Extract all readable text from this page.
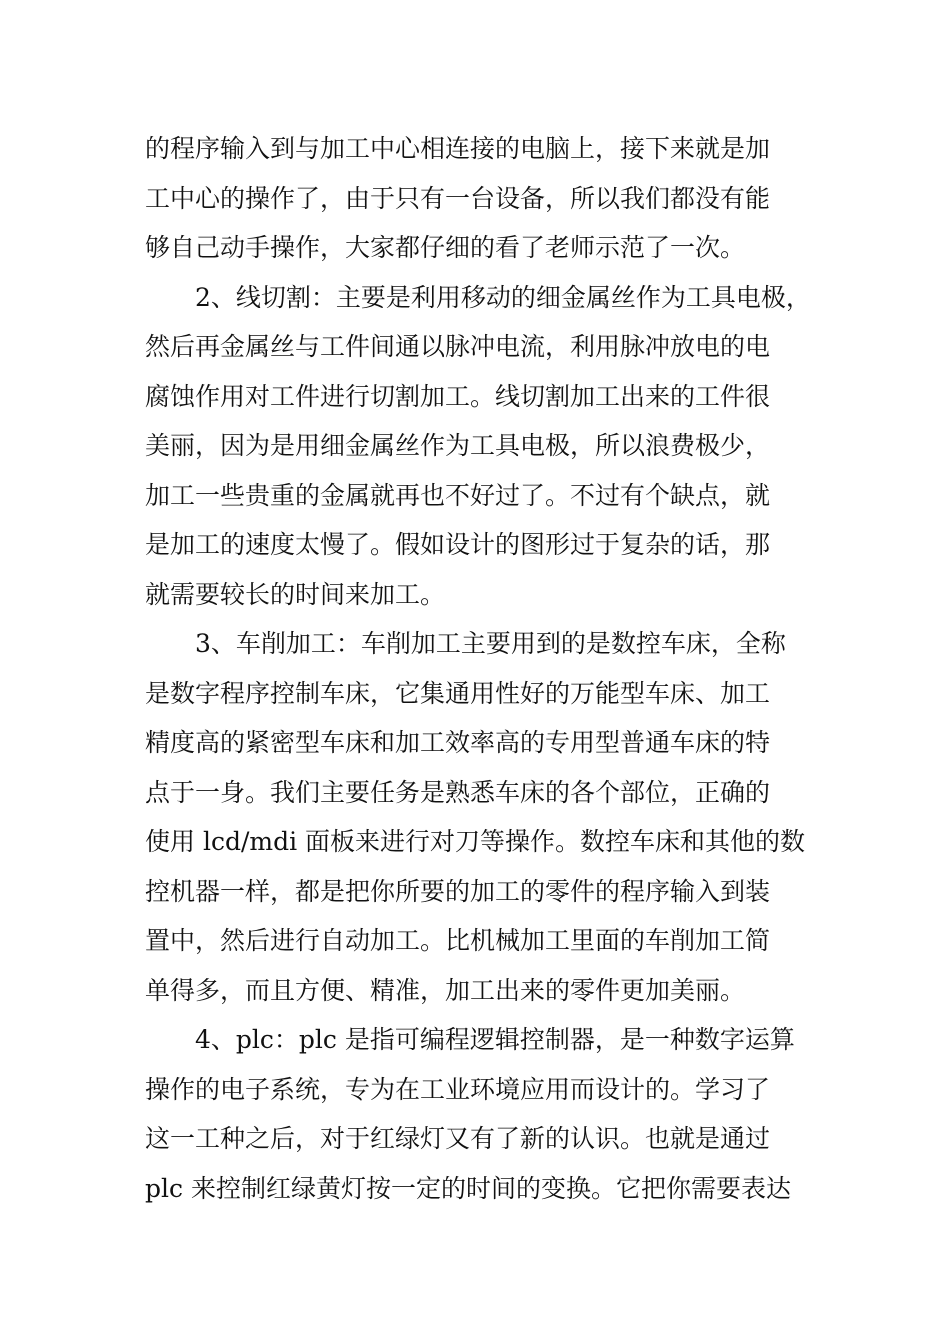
的程序输入到与加工中心相连接的电脑上，接下来就是加
工中心的操作了，由于只有一台设备，所以我们都没有能
够自己动手操作，大家都仔细的看了老师示范了一次。
2、线切割：主要是利用移动的细金属丝作为工具电极，
然后再金属丝与工件间通以脉冲电流，利用脉冲放电的电
腐蚀作用对工件进行切割加工。线切割加工出来的工件很
美丽，因为是用细金属丝作为工具电极，所以浪费极少，
加工一些贵重的金属就再也不好过了。不过有个缺点，就
是加工的速度太慢了。假如设计的图形过于复杂的话，那
就需要较长的时间来加工。
3、车削加工：车削加工主要用到的是数控车床，全称
是数字程序控制车床，它集通用性好的万能型车床、加工
精度高的紧密型车床和加工效率高的专用型普通车床的特
点于一身。我们主要任务是熟悉车床的各个部位，正确的
使用 lcd/mdi 面板来进行对刀等操作。数控车床和其他的数
控机器一样，都是把你所要的加工的零件的程序输入到装
置中，然后进行自动加工。比机械加工里面的车削加工简
单得多，而且方便、精准，加工出来的零件更加美丽。
4、plc：plc 是指可编程逻辑控制器，是一种数字运算
操作的电子系统，专为在工业环境应用而设计的。学习了
这一工种之后，对于红绿灯又有了新的认识。也就是通过
plc 来控制红绿黄灯按一定的时间的变换。它把你需要表达
